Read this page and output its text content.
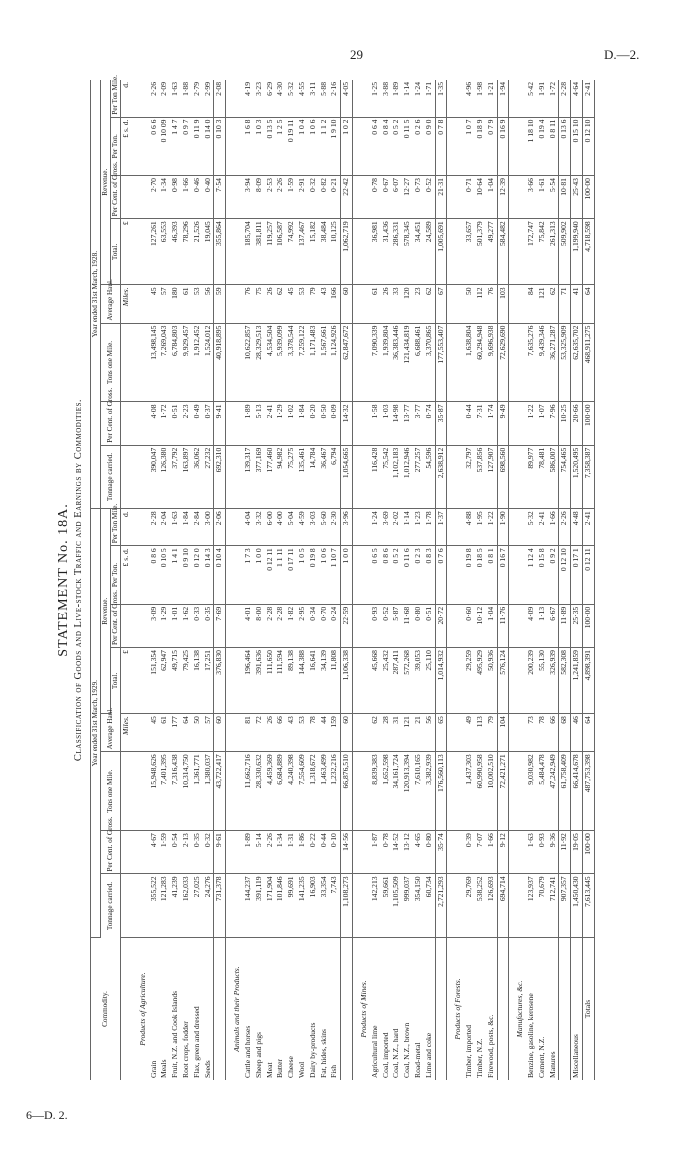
29	D.—2.
6—D. 2.
STATEMENT No. 18A. Classification of Goods and Live-stock Traffic and Earnings by Commodities.
Commodity.	Year ended 31st March, 1929.								Year ended 31st March, 1928.							
	Tonnage carried.	Per Cent. of Gross.	Tons one Mile.	Average Haul.	Revenue.				Tonnage carried.	Per Cent. of Gross.	Tons one Mile.	Average Haul.	Revenue.			
					Total.	Per Cent. of Gross.	Per Ton.	Per Ton Mile.					Total.	Per Cent. of Gross.	Per Ton.	Per Ton Mile.
				Miles.	£		£ s. d.	d.				Miles.	£		£ s. d.	d.
Products of Agriculture.																
Grain	355,522	4·67	15,948,626	45	151,354	3·09	0 8 6	2·28	390,047	4·08	13,498,145	45	127,261	2·70	0 6 6	2·26
Meals	121,283	1·59	7,401,395	61	62,947	1·29	0 10 5	2·04	126,380	1·72	7,269,043	57	63,553	1·34	0 10 09	2·09
Fruit, N.Z. and Cook Islands	41,239	0·54	7,316,438	177	49,715	1·01	1 4 1	1·63	37,792	0·51	6,784,803	180	46,393	0·98	1 4 7	1·63
Root crops, fodder	162,033	2·13	10,314,750	64	79,425	1·62	0 9 10	1·84	163,897	2·23	9,929,457	61	78,296	1·66	0 9 7	1·88
Flax, green and dressed	27,025	0·35	1,361,771	50	16,138	0·33	0 12 0	2·84	36,062	0·49	1,912,452	53	21,526	0·46	0 11 9	2·79
Seeds	24,276	0·32	1,380,037	57	17,251	0·35	0 14 3	3·00	27,232	0·37	1,524,012	56	19,045	0·40	0 14 0	2·99
	731,378	9·61	43,722,417	60	376,830	7·69	0 10 4	2·06	692,310	9·41	40,918,895	59	355,864	7·54	0 10 3	2·08
Animals and their Products.																
Cattle and horses	144,237	1·89	11,662,716	81	196,464	4·01	1 7 3	4·04	139,317	1·89	10,622,857	76	185,704	3·94	1 6 8	4·19
Sheep and pigs	391,119	5·14	28,330,632	72	391,636	8·00	1 0 0	3·32	377,169	5·13	28,329,513	75	381,811	8·09	1 0 3	3·23
Meat	171,904	2·26	4,459,369	26	111,650	2·28	0 12 11	6·00	177,460	2·41	4,534,504	26	119,257	2·53	0 13 5	6·29
Butter	101,846	1·34	6,684,889	66	111,594	2·28	1 1 11	4·00	94,982	1·29	5,939,099	62	106,587	2·26	1 2 5	4·30
Cheese	99,691	1·31	4,240,398	43	89,138	1·82	0 17 11	5·04	75,275	1·02	3,378,544	45	74,992	1·59	0 19 11	5·32
Wool	141,235	1·86	7,554,609	53	144,388	2·95	1 0 5	4·59	135,461	1·84	7,259,122	53	137,467	2·91	1 0 4	4·55
Dairy by-products	16,903	0·22	1,318,672	78	16,641	0·34	0 19 8	3·03	14,784	0·20	1,171,483	79	15,182	0·32	1 0 6	3·11
Fat, hides, skins	33,354	0·44	1,463,499	44	34,139	0·70	1 0 6	5·60	36,467	0·50	1,567,661	43	38,484	0·82	1 1 2	5·88
Fish	7,743	0·10	1,232,216	159	11,808	0·24	1 10 7	2·30	6,794	0·09	1,124,926	166	10,125	0·21	1 9 10	2·16
	1,108,273	14·56	66,876,510	60	1,106,338	22·59	1 0 0	3·96	1,054,665	14·32	62,847,672	60	1,062,719	22·42	1 0 2	4·05
Products of Mines.																
Agricultural lime	142,213	1·87	8,839,383	62	45,668	0·93	0 6 5	1·24	116,428	1·58	7,090,339	61	36,981	0·78	0 6 4	1·25
Coal, imported	59,661	0·78	1,652,598	28	25,432	0·52	0 8 6	3·69	75,542	1·03	1,939,804	26	31,436	0·67	0 8 4	3·88
Coal, N.Z., hard	1,105,509	14·52	34,161,724	31	287,411	5·87	0 5 2	2·02	1,102,183	14·98	36,383,446	33	286,331	6·07	0 5 2	1·89
Coal, N.Z., brown	999,037	13·12	120,913,394	121	572,268	11·68	0 11 6	1·14	1,012,946	13·77	121,434,819	120	578,345	12·27	0 11 5	1·14
Road-metal	354,150	4·65	7,610,165	21	39,053	0·80	0 2 3	1·23	277,257	3·77	6,688,461	23	34,451	0·73	0 2 6	1·24
Lime and coke	60,734	0·80	3,382,939	56	25,110	0·51	0 8 3	1·78	54,596	0·74	3,370,865	62	24,589	0·52	0 9 0	1·71
	2,721,293	35·74	176,560,113	65	1,014,932	20·72	0 7 6	1·37	2,638,912	35·87	177,553,407	67	1,005,691	21·31	0 7 8	1·35
Products of Forests.																
Timber, imported	29,769	0·39	1,437,303	49	29,259	0·60	0 19 8	4·88	32,797	0·44	1,638,804	50	33,657	0·71	1 0 7	4·96
Timber, N.Z.	538,252	7·07	60,990,958	113	495,929	10·12	0 18 5	1·95	537,856	7·31	60,294,948	112	501,379	10·64	0 18 9	1·98
Firewood, posts, &c.	126,693	1·66	10,002,510	79	50,936	1·04	0 8 1	1·22	127,907	1·74	9,696,938	76	49,277	1·04	0 7 9	1·21
	694,714	9·12	72,421,271	104	576,124	11·76	0 16 7	1·90	698,560	9·49	72,629,690	103	584,482	12·39	0 16 9	1·94
Manufactures, &c.																
Benzine, gasoline, kerosene	123,937	1·63	9,030,982	73	200,239	4·09	1 12 4	5·32	89,977	1·22	7,635,276	84	172,747	3·66	1 18 10	5·42
Cement, N.Z.	70,679	0·93	5,484,478	78	55,130	1·13	0 15 8	2·41	78,481	1·07	9,439,346	121	75,842	1·61	0 19 4	1·91
Manures	712,741	9·36	47,242,949	66	326,939	6·67	0 9 2	1·66	586,007	7·96	36,271,287	62	261,313	5·54	0 8 11	1·72
	907,357	11·92	61,758,409	68	582,308	11·89	0 12 10	2·26	754,465	10·25	53,325,909	71	509,902	10·81	0 13 6	2·28
Miscellaneous	1,450,430	19·05	66,414,678	46	1,241,859	25·35	0 17 1	4·48	1,520,495	20·66	62,635,702	41	1,199,940	25·43	0 15 10	4·64
Totals	7,613,445	100·00	487,753,398	64	4,898,391	100·00	0 12 11	2·41	7,358,387	100·00	468,911,275	64	4,718,598	100·00	0 12 10	2·41
